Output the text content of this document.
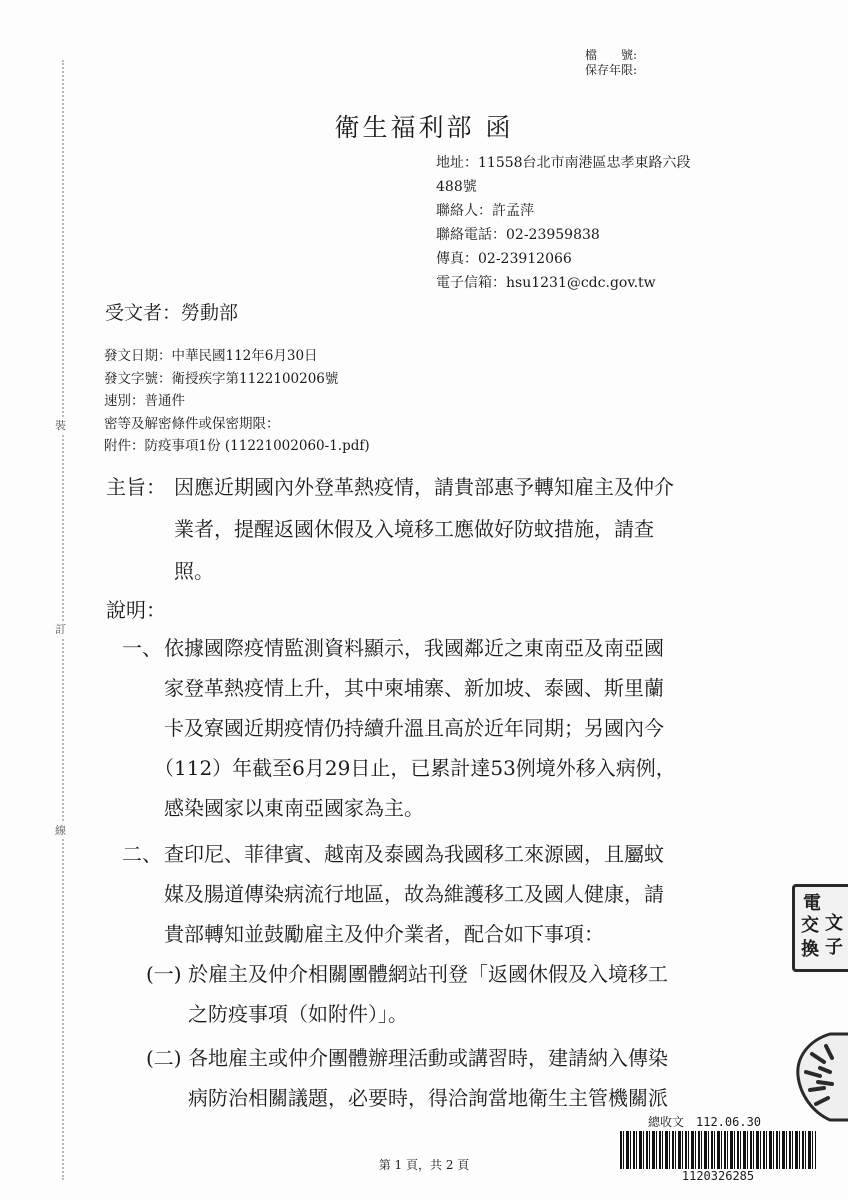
裝
訂
線
檔　　號:
保存年限:
衛生福利部 函
地址：11558台北市南港區忠孝東路六段
488號
聯絡人：許孟萍
聯絡電話：02-23959838
傳真：02-23912066
電子信箱：hsu1231@cdc.gov.tw
受文者：勞動部
發文日期：中華民國112年6月30日
發文字號：衛授疾字第1122100206號
速別：普通件
密等及解密條件或保密期限：
附件：防疫事項1份 (11221002060-1.pdf)
主旨： 因應近期國內外登革熱疫情，請貴部惠予轉知雇主及仲介
業者，提醒返國休假及入境移工應做好防蚊措施，請查
照。
說明：
一、 依據國際疫情監測資料顯示，我國鄰近之東南亞及南亞國
家登革熱疫情上升，其中柬埔寨、新加坡、泰國、斯里蘭
卡及寮國近期疫情仍持續升溫且高於近年同期；另國內今
（112）年截至6月29日止，已累計達53例境外移入病例，
感染國家以東南亞國家為主。
二、 查印尼、菲律賓、越南及泰國為我國移工來源國，且屬蚊
媒及腸道傳染病流行地區，故為維護移工及國人健康，請
貴部轉知並鼓勵雇主及仲介業者，配合如下事項：
(一) 於雇主及仲介相關團體網站刊登「返國休假及入境移工
之防疫事項（如附件）」。
(二) 各地雇主或仲介團體辦理活動或講習時，建請納入傳染
病防治相關議題，必要時，得洽詢當地衛生主管機關派
第 1 頁，共 2 頁
總收文　112.06.30
1120326285
電
文
交
換 子
